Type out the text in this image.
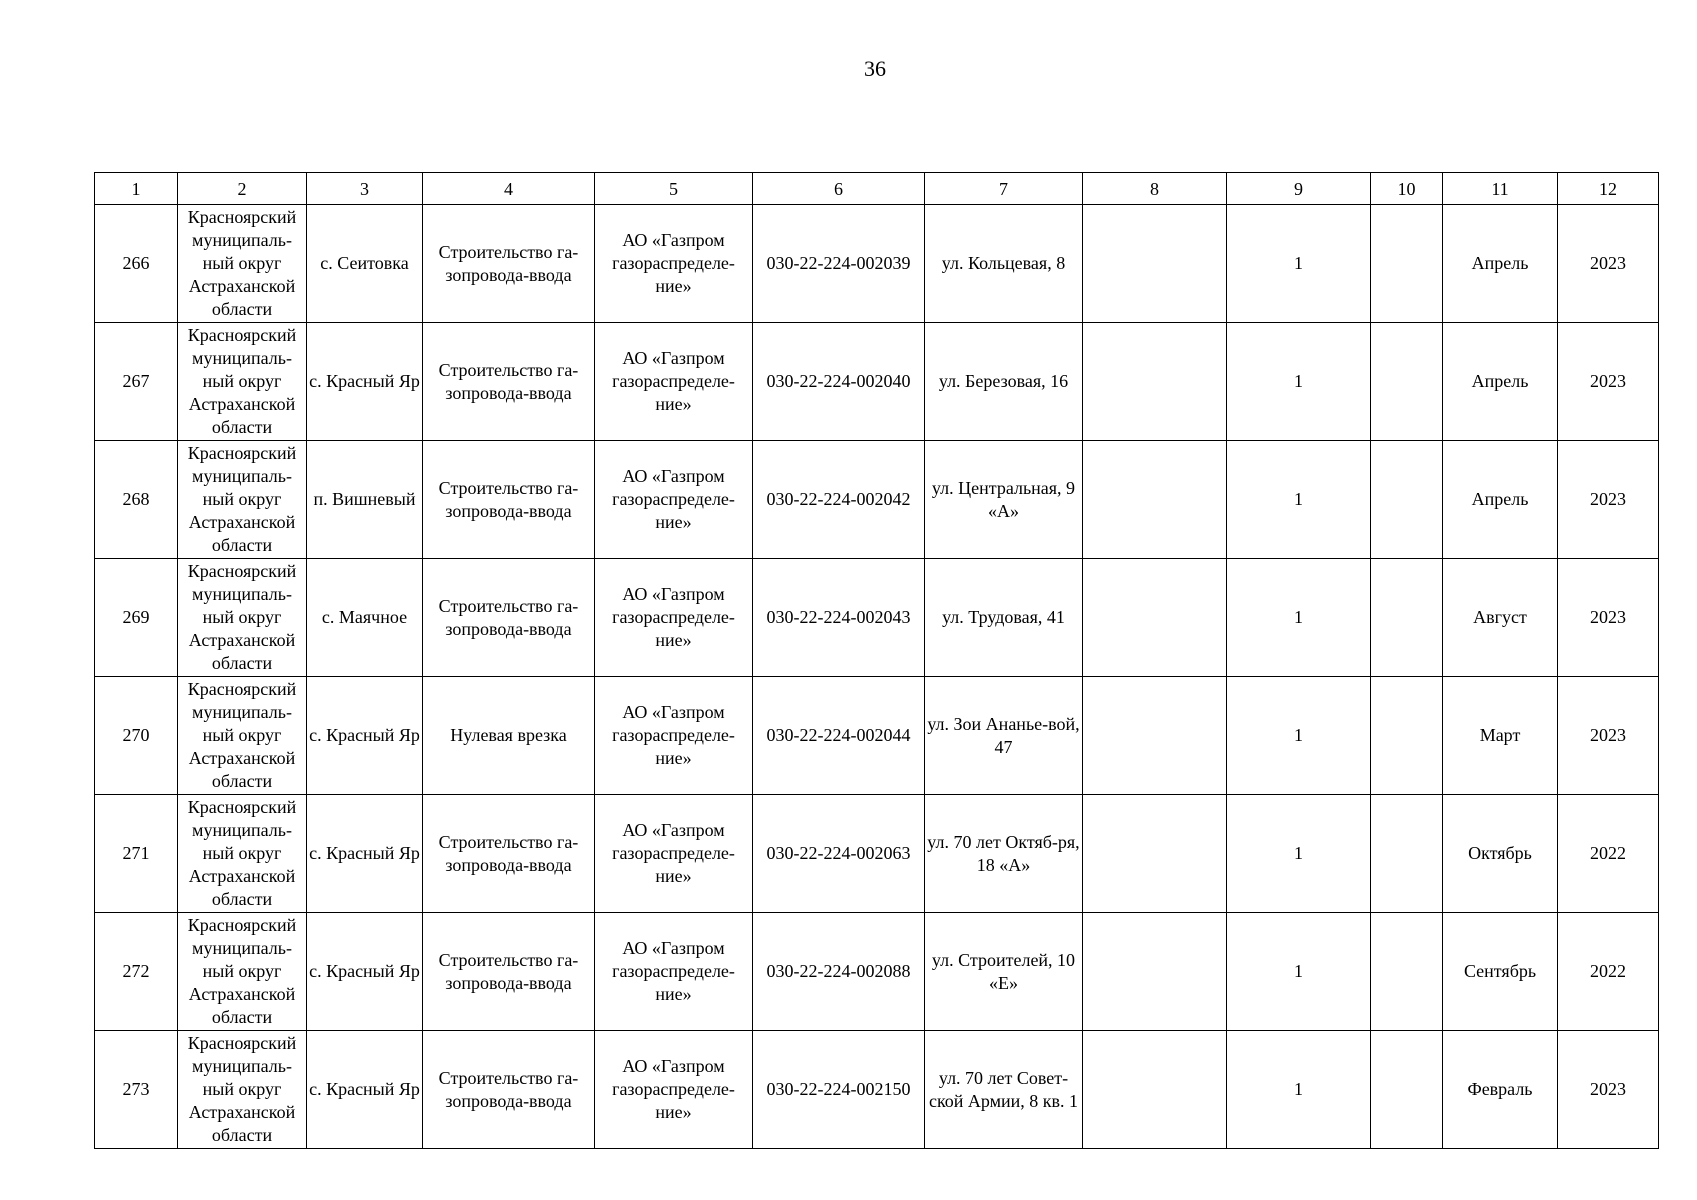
36
1	2	3	4	5	6	7	8	9	10	11	12
266	Красноярский муниципаль-ный округ Астраханской области	с. Сеитовка	Строительство га-зопровода-ввода	АО «Газпром газораспределе-ние»	030-22-224-002039	ул. Кольцевая, 8		1		Апрель	2023
267	Красноярский муниципаль-ный округ Астраханской области	с. Красный Яр	Строительство га-зопровода-ввода	АО «Газпром газораспределе-ние»	030-22-224-002040	ул. Березовая, 16		1		Апрель	2023
268	Красноярский муниципаль-ный округ Астраханской области	п. Вишневый	Строительство га-зопровода-ввода	АО «Газпром газораспределе-ние»	030-22-224-002042	ул. Центральная, 9 «А»		1		Апрель	2023
269	Красноярский муниципаль-ный округ Астраханской области	с. Маячное	Строительство га-зопровода-ввода	АО «Газпром газораспределе-ние»	030-22-224-002043	ул. Трудовая, 41		1		Август	2023
270	Красноярский муниципаль-ный округ Астраханской области	с. Красный Яр	Нулевая врезка	АО «Газпром газораспределе-ние»	030-22-224-002044	ул. Зои Ананье-вой, 47		1		Март	2023
271	Красноярский муниципаль-ный округ Астраханской области	с. Красный Яр	Строительство га-зопровода-ввода	АО «Газпром газораспределе-ние»	030-22-224-002063	ул. 70 лет Октяб-ря, 18 «А»		1		Октябрь	2022
272	Красноярский муниципаль-ный округ Астраханской области	с. Красный Яр	Строительство га-зопровода-ввода	АО «Газпром газораспределе-ние»	030-22-224-002088	ул. Строителей, 10 «Е»		1		Сентябрь	2022
273	Красноярский муниципаль-ный округ Астраханской области	с. Красный Яр	Строительство га-зопровода-ввода	АО «Газпром газораспределе-ние»	030-22-224-002150	ул. 70 лет Совет-ской Армии, 8 кв. 1		1		Февраль	2023
